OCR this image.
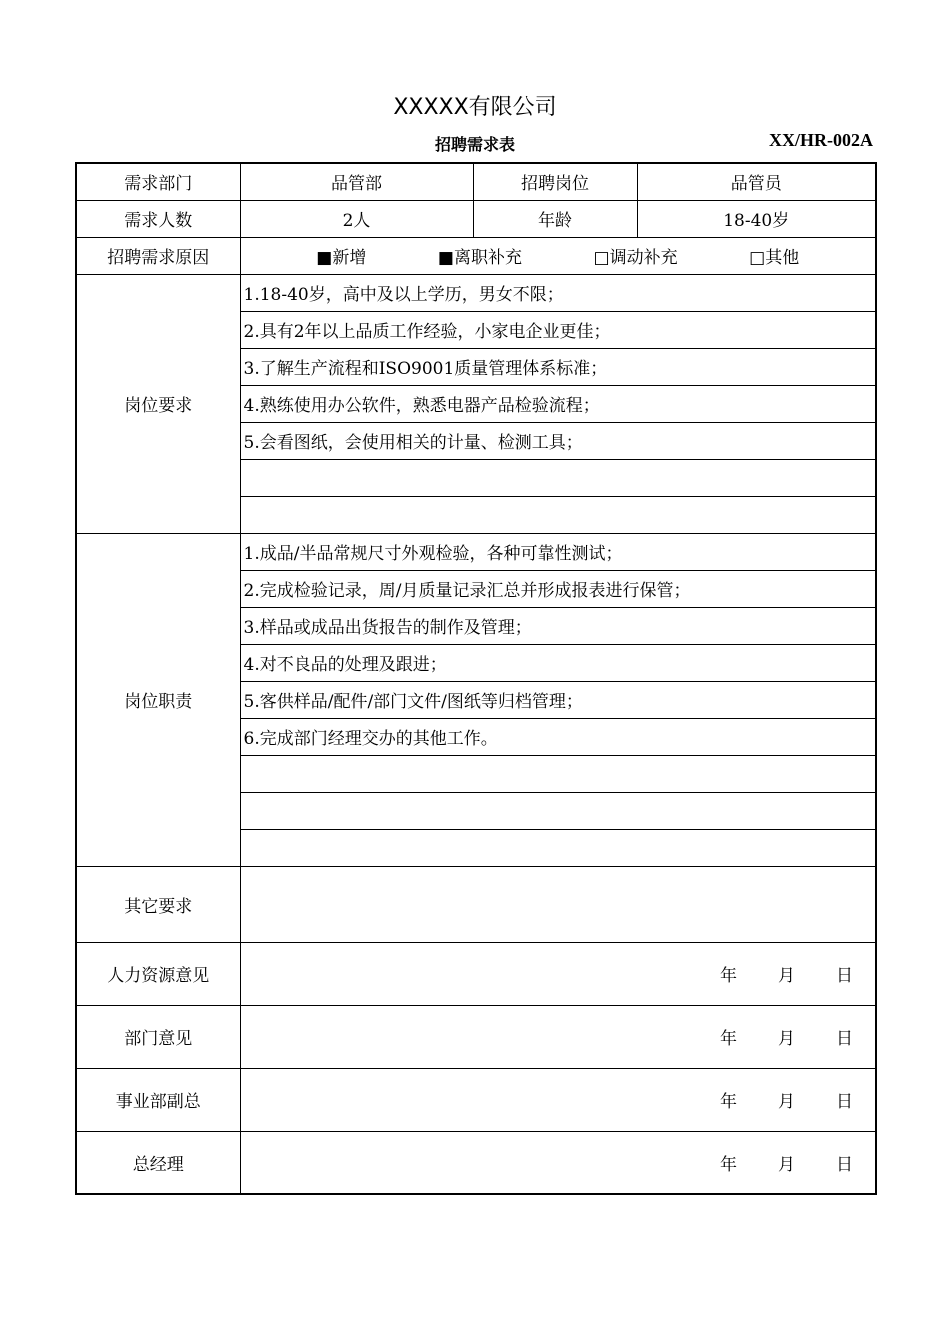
XXXXX有限公司
招聘需求表	XX/HR-002A
需求部门	品管部	招聘岗位	品管员
需求人数	2人	年龄	18-40岁
招聘需求原因	■新增 ■离职补充 □调动补充 □其他		

岗位要求	1.18-40岁，高中及以上学历，男女不限；		
	2.具有2年以上品质工作经验，小家电企业更佳；		
	3.了解生产流程和ISO9001质量管理体系标准；		
	4.熟练使用办公软件，熟悉电器产品检验流程；		
	5.会看图纸，会使用相关的计量、检测工具；		

岗位职责	1.成品/半品常规尺寸外观检验，各种可靠性测试；		
	2.完成检验记录，周/月质量记录汇总并形成报表进行保管；		
	3.样品或成品出货报告的制作及管理；		
	4.对不良品的处理及跟进；		
	5.客供样品/配件/部门文件/图纸等归档管理；		
	6.完成部门经理交办的其他工作。		

其它要求			
人力资源意见	年 月 日		

部门意见	年 月 日		

事业部副总	年 月 日		

总经理	年 月 日		
